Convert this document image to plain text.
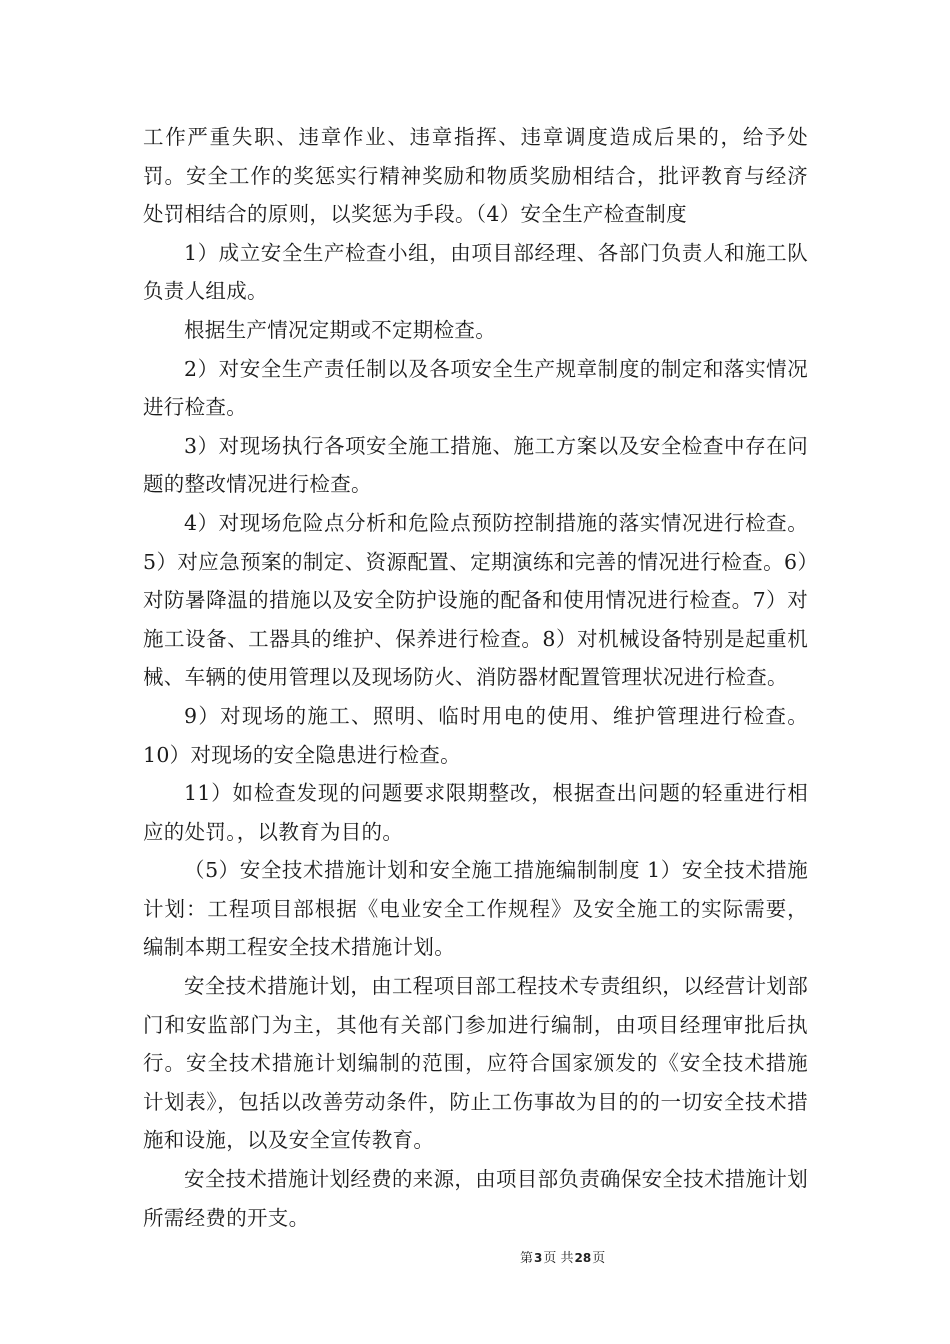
工作严重失职、违章作业、违章指挥、违章调度造成后果的，给予处罚。安全工作的奖惩实行精神奖励和物质奖励相结合，批评教育与经济处罚相结合的原则，以奖惩为手段。（4）安全生产检查制度

1）成立安全生产检查小组，由项目部经理、各部门负责人和施工队负责人组成。

根据生产情况定期或不定期检查。

2）对安全生产责任制以及各项安全生产规章制度的制定和落实情况进行检查。

3）对现场执行各项安全施工措施、施工方案以及安全检查中存在问题的整改情况进行检查。

4）对现场危险点分析和危险点预防控制措施的落实情况进行检查。5）对应急预案的制定、资源配置、定期演练和完善的情况进行检查。6）对防暑降温的措施以及安全防护设施的配备和使用情况进行检查。7）对施工设备、工器具的维护、保养进行检查。8）对机械设备特别是起重机械、车辆的使用管理以及现场防火、消防器材配置管理状况进行检查。

9）对现场的施工、照明、临时用电的使用、维护管理进行检查。10）对现场的安全隐患进行检查。

11）如检查发现的问题要求限期整改，根据查出问题的轻重进行相应的处罚。，以教育为目的。

（5）安全技术措施计划和安全施工措施编制制度 1）安全技术措施计划：工程项目部根据《电业安全工作规程》及安全施工的实际需要，编制本期工程安全技术措施计划。

安全技术措施计划，由工程项目部工程技术专责组织，以经营计划部门和安监部门为主，其他有关部门参加进行编制，由项目经理审批后执行。安全技术措施计划编制的范围，应符合国家颁发的《安全技术措施计划表》，包括以改善劳动条件，防止工伤事故为目的的一切安全技术措施和设施，以及安全宣传教育。

安全技术措施计划经费的来源，由项目部负责确保安全技术措施计划所需经费的开支。

第3页 共28页
